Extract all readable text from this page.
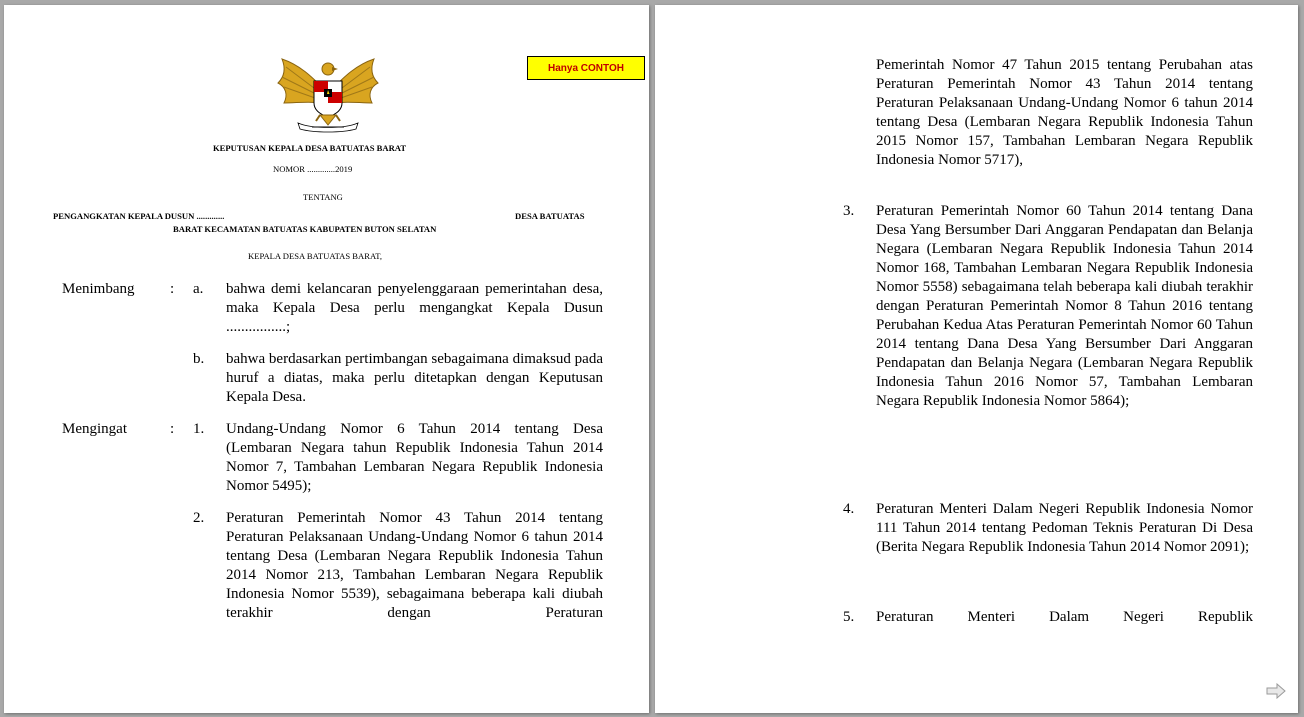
Hanya CONTOH
KEPUTUSAN KEPALA DESA BATUATAS BARAT
NOMOR .............2019
TENTANG
PENGANGKATAN KEPALA DUSUN .............	DESA BATUATAS
BARAT KECAMATAN BATUATAS KABUPATEN BUTON SELATAN
KEPALA DESA BATUATAS BARAT,
Menimbang : a. bahwa demi kelancaran penyelenggaraan pemerintahan desa, maka Kepala Desa perlu mengangkat Kepala Dusun ................;
b. bahwa berdasarkan pertimbangan sebagaimana dimaksud pada huruf a diatas, maka perlu ditetapkan dengan Keputusan Kepala Desa.
Mengingat	: 1. Undang-Undang Nomor 6 Tahun 2014 tentang Desa (Lembaran Negara tahun Republik Indonesia Tahun 2014 Nomor 7, Tambahan Lembaran Negara Republik Indonesia Nomor 5495);
2. Peraturan Pemerintah Nomor 43 Tahun 2014 tentang Peraturan Pelaksanaan Undang-Undang Nomor 6 tahun 2014 tentang Desa (Lembaran Negara Republik Indonesia Tahun 2014 Nomor 213, Tambahan Lembaran Negara Republik Indonesia Nomor 5539), sebagaimana beberapa kali diubah terakhir dengan Peraturan
Pemerintah Nomor 47 Tahun 2015 tentang Perubahan atas Peraturan Pemerintah Nomor 43 Tahun 2014 tentang Peraturan Pelaksanaan Undang-Undang Nomor 6 tahun 2014 tentang Desa (Lembaran Negara Republik Indonesia Tahun 2015 Nomor 157, Tambahan Lembaran Negara Republik Indonesia Nomor 5717),
3. Peraturan Pemerintah Nomor 60 Tahun 2014 tentang Dana Desa Yang Bersumber Dari Anggaran Pendapatan dan Belanja Negara (Lembaran Negara Republik Indonesia Tahun 2014 Nomor 168, Tambahan Lembaran Negara Republik Indonesia Nomor 5558) sebagaimana telah beberapa kali diubah terakhir dengan Peraturan Pemerintah Nomor 8 Tahun 2016 tentang Perubahan Kedua Atas Peraturan Pemerintah Nomor 60 Tahun 2014 tentang Dana Desa Yang Bersumber Dari Anggaran Pendapatan dan Belanja Negara (Lembaran Negara Republik Indonesia Tahun 2016 Nomor 57, Tambahan Lembaran Negara Republik Indonesia Nomor 5864);
4. Peraturan Menteri Dalam Negeri Republik Indonesia Nomor 111 Tahun 2014 tentang Pedoman Teknis Peraturan Di Desa (Berita Negara Republik Indonesia Tahun 2014 Nomor 2091);
5. Peraturan Menteri Dalam Negeri Republik
